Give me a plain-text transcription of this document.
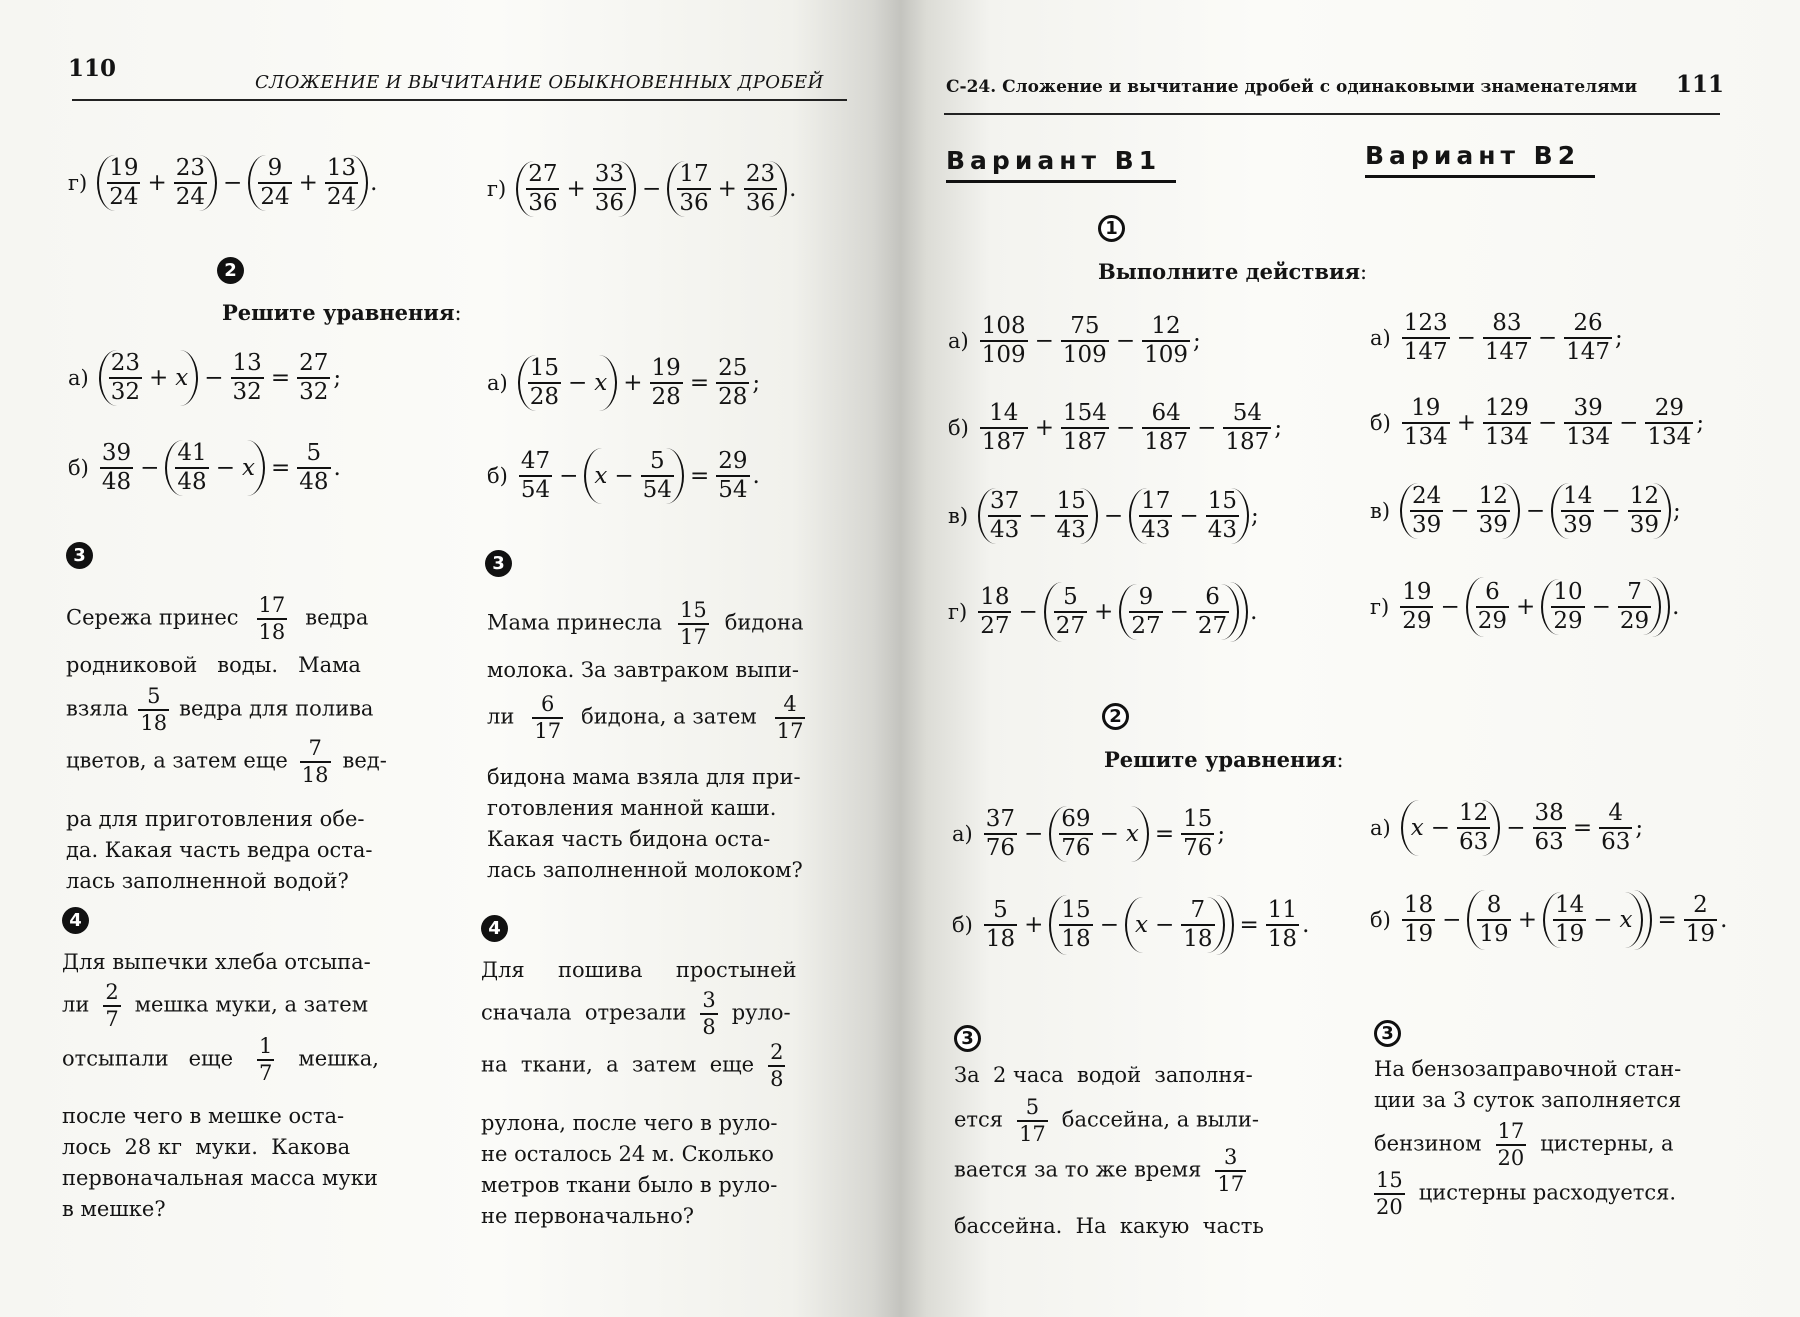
110
СЛОЖЕНИЕ И ВЫЧИТАНИЕ ОБЫКНОВЕННЫХ ДРОБЕЙ
$г) \frac{19}{24} + \frac{23}{24} - \frac{9}{24} + \frac{13}{24}$ .	$г) \frac{27}{36} + \frac{33}{36} - \frac{17}{36} + \frac{23}{36}$ .
2
Решите уравнения:
$а) \frac{23}{32} + x - \frac{13}{32} = \frac{27}{32}$ ;
$б) \frac{39}{48} - \frac{41}{48} - x = \frac{5}{48}$ .
$а) \frac{15}{28} - x + \frac{19}{28} = \frac{25}{28}$ ;
$б) \frac{47}{54} - x - \frac{5}{54} = \frac{29}{54}$ .
3	3
Сережа принес $\frac{17}{18}$ ведра
родниковой   воды.   Мама
взяла $\frac{5}{18}$ ведра для полива
цветов, а затем еще $\frac{7}{18} вед-$
ра для приготовления обе-
да. Какая часть ведра оста-
лась заполненной водой?
Мама принесла $\frac{15}{17}$ бидона
молока. За завтраком выпи-
ли $\frac{6}{17}$ бидона, а затем $\frac{4}{17}$
бидона мама взяла для при-
готовления манной каши.
Какая часть бидона оста-
лась заполненной молоком?
4	4
Для выпечки хлеба отсыпа-
ли $\frac{2}{7}$ мешка муки, а затем
отсыпали   еще $\frac{1}{7}$ мешка,
после чего в мешке оста-
лось  28 кг  муки.  Какова
первоначальная масса муки
в мешке?
Для     пошива     простыней
сначала  отрезали $\frac{3}{8}$ руло-
на  ткани,  а  затем  еще $\frac{2}{8}$
рулона, после чего в руло-
не осталось 24 м. Сколько
метров ткани было в руло-
не первоначально?
С-24. Сложение и вычитание дробей с одинаковыми знаменателями 111
Вариант В1	Вариант В2
1
Выполните действия:
$а) \frac{108}{109} - \frac{75}{109} - \frac{12}{109}$ ;
$б) \frac{14}{187} + \frac{154}{187} - \frac{64}{187} - \frac{54}{187}$ ;
$в) \frac{37}{43} - \frac{15}{43} - \frac{17}{43} - \frac{15}{43}$ ;
$г) \frac{18}{27} - \frac{5}{27} + \frac{9}{27} - \frac{6}{27}$ .
$а) \frac{123}{147} - \frac{83}{147} - \frac{26}{147}$ ;
$б) \frac{19}{134} + \frac{129}{134} - \frac{39}{134} - \frac{29}{134}$ ;
$в) \frac{24}{39} - \frac{12}{39} - \frac{14}{39} - \frac{12}{39}$ ;
$г) \frac{19}{29} - \frac{6}{29} + \frac{10}{29} - \frac{7}{29}$ .
2
Решите уравнения:
$а) \frac{37}{76} - \frac{69}{76} - x = \frac{15}{76}$ ;
$б) \frac{5}{18} + \frac{15}{18} - x - \frac{7}{18} = \frac{11}{18}$ .
а) $x - \frac{12}{63} - \frac{38}{63} = \frac{4}{63}$ ;
$б) \frac{18}{19} - \frac{8}{19} + \frac{14}{19} - x = \frac{2}{19}$ .
3	3
За  2 часа  водой  заполня-
ется $\frac{5}{17}$ бассейна, а выли-
вается за то же время $\frac{3}{17}$
бассейна.  На  какую  часть
На бензозаправочной стан-
ции за 3 суток заполняется
бензином $\frac{17}{20}$ цистерны, а
$\frac{15}{20}$ цистерны расходуется.
